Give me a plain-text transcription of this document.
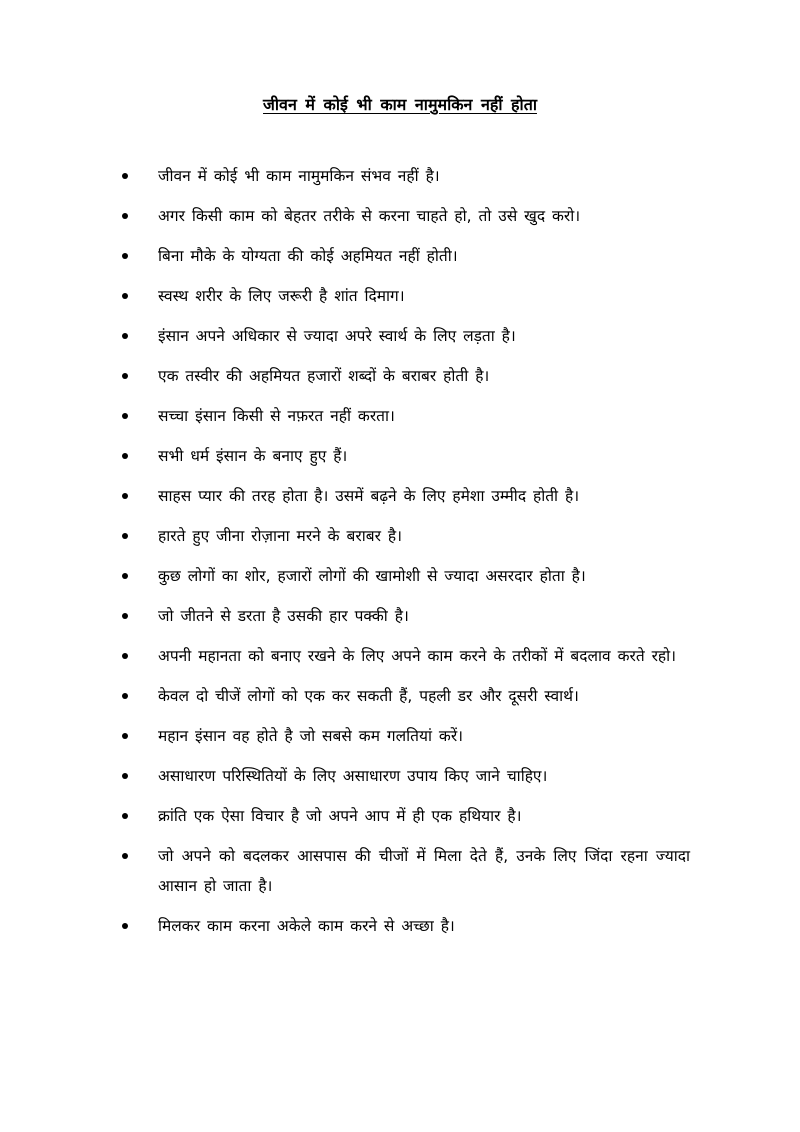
जीवन में कोई भी काम नामुमकिन नहीं होता
जीवन में कोई भी काम नामुमकिन संभव नहीं है।
अगर किसी काम को बेहतर तरीके से करना चाहते हो, तो उसे खुद करो।
बिना मौके के योग्यता की कोई अहमियत नहीं होती।
स्वस्थ शरीर के लिए जरूरी है शांत दिमाग।
इंसान अपने अधिकार से ज्यादा अपरे स्वार्थ के लिए लड़ता है।
एक तस्वीर की अहमियत हजारों शब्दों के बराबर होती है।
सच्चा इंसान किसी से नफ़रत नहीं करता।
सभी धर्म इंसान के बनाए हुए हैं।
साहस प्यार की तरह होता है। उसमें बढ़ने के लिए हमेशा उम्मीद होती है।
हारते हुए जीना रोज़ाना मरने के बराबर है।
कुछ लोगों का शोर, हजारों लोगों की खामोशी से ज्यादा असरदार होता है।
जो जीतने से डरता है उसकी हार पक्की है।
अपनी महानता को बनाए रखने के लिए अपने काम करने के तरीकों में बदलाव करते रहो।
केवल दो चीजें लोगों को एक कर सकती हैं, पहली डर और दूसरी स्वार्थ।
महान इंसान वह होते है जो सबसे कम गलतियां करें।
असाधारण परिस्थितियों के लिए असाधारण उपाय किए जाने चाहिए।
क्रांति एक ऐसा विचार है जो अपने आप में ही एक हथियार है।
जो अपने को बदलकर आसपास की चीजों में मिला देते हैं, उनके लिए जिंदा रहना ज्यादा आसान हो जाता है।
मिलकर काम करना अकेले काम करने से अच्छा है।
